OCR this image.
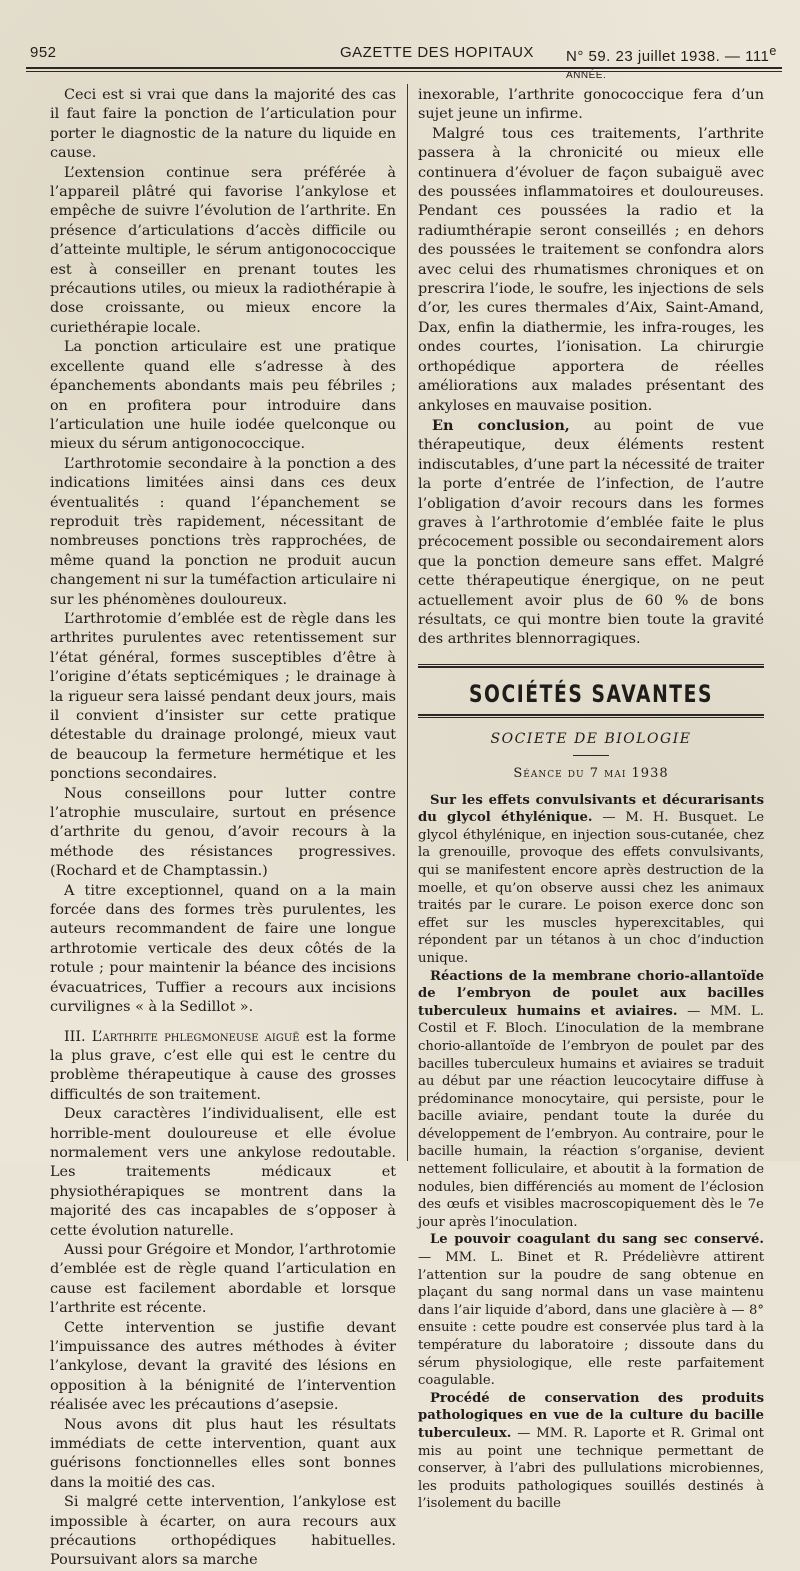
952	GAZETTE DES HOPITAUX N° 59. 23 juillet 1938. — 111e ANNÉE.

Ceci est si vrai que dans la majorité des cas il faut faire la ponction de l’articulation pour porter le diagnostic de la nature du liquide en cause.

L’extension continue sera préférée à l’appareil plâtré qui favorise l’ankylose et empêche de suivre l’évolution de l’arthrite. En présence d’articulations d’accès difficile ou d’atteinte multiple, le sérum antigonococcique est à conseiller en prenant toutes les précautions utiles, ou mieux la radiothérapie à dose croissante, ou mieux encore la curiethérapie locale.

La ponction articulaire est une pratique excellente quand elle s’adresse à des épanchements abondants mais peu fébriles ; on en profitera pour introduire dans l’articulation une huile iodée quelconque ou mieux du sérum antigonococcique.

L’arthrotomie secondaire à la ponction a des indications limitées ainsi dans ces deux éventualités : quand l’épanchement se reproduit très rapidement, nécessitant de nombreuses ponctions très rapprochées, de même quand la ponction ne produit aucun changement ni sur la tuméfaction articulaire ni sur les phénomènes douloureux.

L’arthrotomie d’emblée est de règle dans les arthrites purulentes avec retentissement sur l’état général, formes susceptibles d’être à l’origine d’états septicémiques ; le drainage à la rigueur sera laissé pendant deux jours, mais il convient d’insister sur cette pratique détestable du drainage prolongé, mieux vaut de beaucoup la fermeture hermétique et les ponctions secondaires.

Nous conseillons pour lutter contre l’atrophie musculaire, surtout en présence d’arthrite du genou, d’avoir recours à la méthode des résistances progressives. (Rochard et de Champtassin.)

A titre exceptionnel, quand on a la main forcée dans des formes très purulentes, les auteurs recommandent de faire une longue arthrotomie verticale des deux côtés de la rotule ; pour maintenir la béance des incisions évacuatrices, Tuffier a recours aux incisions curvilignes « à la Sedillot ».

III. L’arthrite phlegmoneuse aiguë est la forme la plus grave, c’est elle qui est le centre du problème thérapeutique à cause des grosses difficultés de son traitement.

Deux caractères l’individualisent, elle est horrible-ment douloureuse et elle évolue normalement vers une ankylose redoutable. Les traitements médicaux et physiothérapiques se montrent dans la majorité des cas incapables de s’opposer à cette évolution naturelle.

Aussi pour Grégoire et Mondor, l’arthrotomie d’emblée est de règle quand l’articulation en cause est facilement abordable et lorsque l’arthrite est récente.

Cette intervention se justifie devant l’impuissance des autres méthodes à éviter l’ankylose, devant la gravité des lésions en opposition à la bénignité de l’intervention réalisée avec les précautions d’asepsie.

Nous avons dit plus haut les résultats immédiats de cette intervention, quant aux guérisons fonctionnelles elles sont bonnes dans la moitié des cas.

Si malgré cette intervention, l’ankylose est impossible à écarter, on aura recours aux précautions orthopédiques habituelles. Poursuivant alors sa marche

inexorable, l’arthrite gonococcique fera d’un sujet jeune un infirme.

Malgré tous ces traitements, l’arthrite passera à la chronicité ou mieux elle continuera d’évoluer de façon subaiguë avec des poussées inflammatoires et douloureuses. Pendant ces poussées la radio et la radiumthérapie seront conseillés ; en dehors des poussées le traitement se confondra alors avec celui des rhumatismes chroniques et on prescrira l’iode, le soufre, les injections de sels d’or, les cures thermales d’Aix, Saint-Amand, Dax, enfin la diathermie, les infra-rouges, les ondes courtes, l’ionisation. La chirurgie orthopédique apportera de réelles améliorations aux malades présentant des ankyloses en mauvaise position.

En conclusion, au point de vue thérapeutique, deux éléments restent indiscutables, d’une part la nécessité de traiter la porte d’entrée de l’infection, de l’autre l’obligation d’avoir recours dans les formes graves à l’arthrotomie d’emblée faite le plus précocement possible ou secondairement alors que la ponction demeure sans effet. Malgré cette thérapeutique énergique, on ne peut actuellement avoir plus de 60 % de bons résultats, ce qui montre bien toute la gravité des arthrites blennorragiques.

SOCIÉTÉS SAVANTES
SOCIETE DE BIOLOGIE
Séance du 7 mai 1938

Sur les effets convulsivants et décurarisants du glycol éthylénique. — M. H. Busquet. Le glycol éthylénique, en injection sous-cutanée, chez la grenouille, provoque des effets convulsivants, qui se manifestent encore après destruction de la moelle, et qu’on observe aussi chez les animaux traités par le curare. Le poison exerce donc son effet sur les muscles hyperexcitables, qui répondent par un tétanos à un choc d’induction unique.

Réactions de la membrane chorio-allantoïde de l’embryon de poulet aux bacilles tuberculeux humains et aviaires. — MM. L. Costil et F. Bloch. L’inoculation de la membrane chorio-allantoïde de l’embryon de poulet par des bacilles tuberculeux humains et aviaires se traduit au début par une réaction leucocytaire diffuse à prédominance monocytaire, qui persiste, pour le bacille aviaire, pendant toute la durée du développement de l’embryon. Au contraire, pour le bacille humain, la réaction s’organise, devient nettement folliculaire, et aboutit à la formation de nodules, bien différenciés au moment de l’éclosion des œufs et visibles macroscopiquement dès le 7e jour après l’inoculation.

Le pouvoir coagulant du sang sec conservé. — MM. L. Binet et R. Prédelièvre attirent l’attention sur la poudre de sang obtenue en plaçant du sang normal dans un vase maintenu dans l’air liquide d’abord, dans une glacière à — 8° ensuite : cette poudre est conservée plus tard à la température du laboratoire ; dissoute dans du sérum physiologique, elle reste parfaitement coagulable.

Procédé de conservation des produits pathologiques en vue de la culture du bacille tuberculeux. — MM. R. Laporte et R. Grimal ont mis au point une technique permettant de conserver, à l’abri des pullulations microbiennes, les produits pathologiques souillés destinés à l’isolement du bacille
